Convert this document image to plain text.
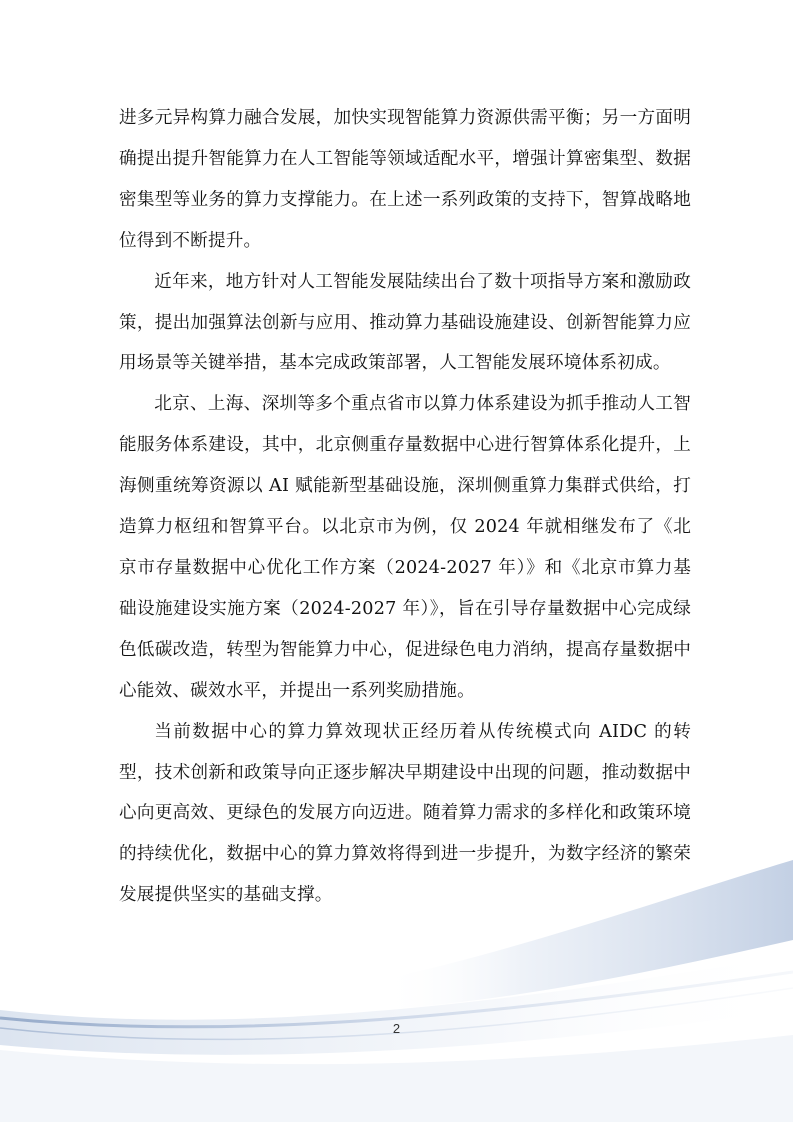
进多元异构算力融合发展，加快实现智能算力资源供需平衡；另一方面明确提出提升智能算力在人工智能等领域适配水平，增强计算密集型、数据密集型等业务的算力支撑能力。在上述一系列政策的支持下，智算战略地位得到不断提升。

近年来，地方针对人工智能发展陆续出台了数十项指导方案和激励政策，提出加强算法创新与应用、推动算力基础设施建设、创新智能算力应用场景等关键举措，基本完成政策部署，人工智能发展环境体系初成。

北京、上海、深圳等多个重点省市以算力体系建设为抓手推动人工智能服务体系建设，其中，北京侧重存量数据中心进行智算体系化提升，上海侧重统筹资源以 AI 赋能新型基础设施，深圳侧重算力集群式供给，打造算力枢纽和智算平台。以北京市为例，仅 2024 年就相继发布了《北京市存量数据中心优化工作方案（2024-2027 年）》和《北京市算力基础设施建设实施方案（2024-2027 年）》，旨在引导存量数据中心完成绿色低碳改造，转型为智能算力中心，促进绿色电力消纳，提高存量数据中心能效、碳效水平，并提出一系列奖励措施。

当前数据中心的算力算效现状正经历着从传统模式向 AIDC 的转型，技术创新和政策导向正逐步解决早期建设中出现的问题，推动数据中心向更高效、更绿色的发展方向迈进。随着算力需求的多样化和政策环境的持续优化，数据中心的算力算效将得到进一步提升，为数字经济的繁荣发展提供坚实的基础支撑。

2
